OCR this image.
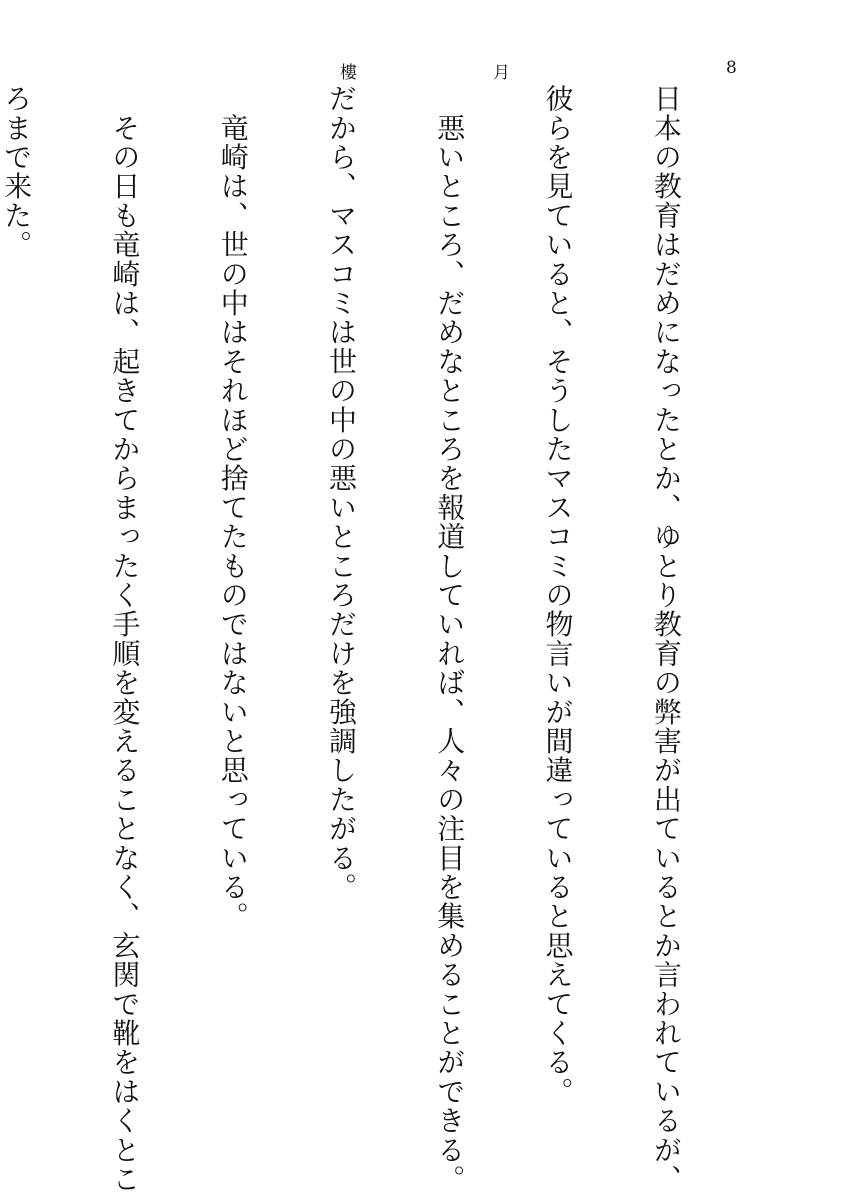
樓	月	8

日本の教育はだめになったとか、ゆとり教育の弊害が出ているとか言われているが、

彼らを見ていると、そうしたマスコミの物言いが間違っていると思えてくる。

　悪いところ、だめなところを報道していれば、人々の注目を集めることができる。

だから、マスコミは世の中の悪いところだけを強調したがる。

　竜崎は、世の中はそれほど捨てたものではないと思っている。

　その日も竜崎は、起きてからまったく手順を変えることなく、玄関で靴をはくとこ

ろまで来た。
